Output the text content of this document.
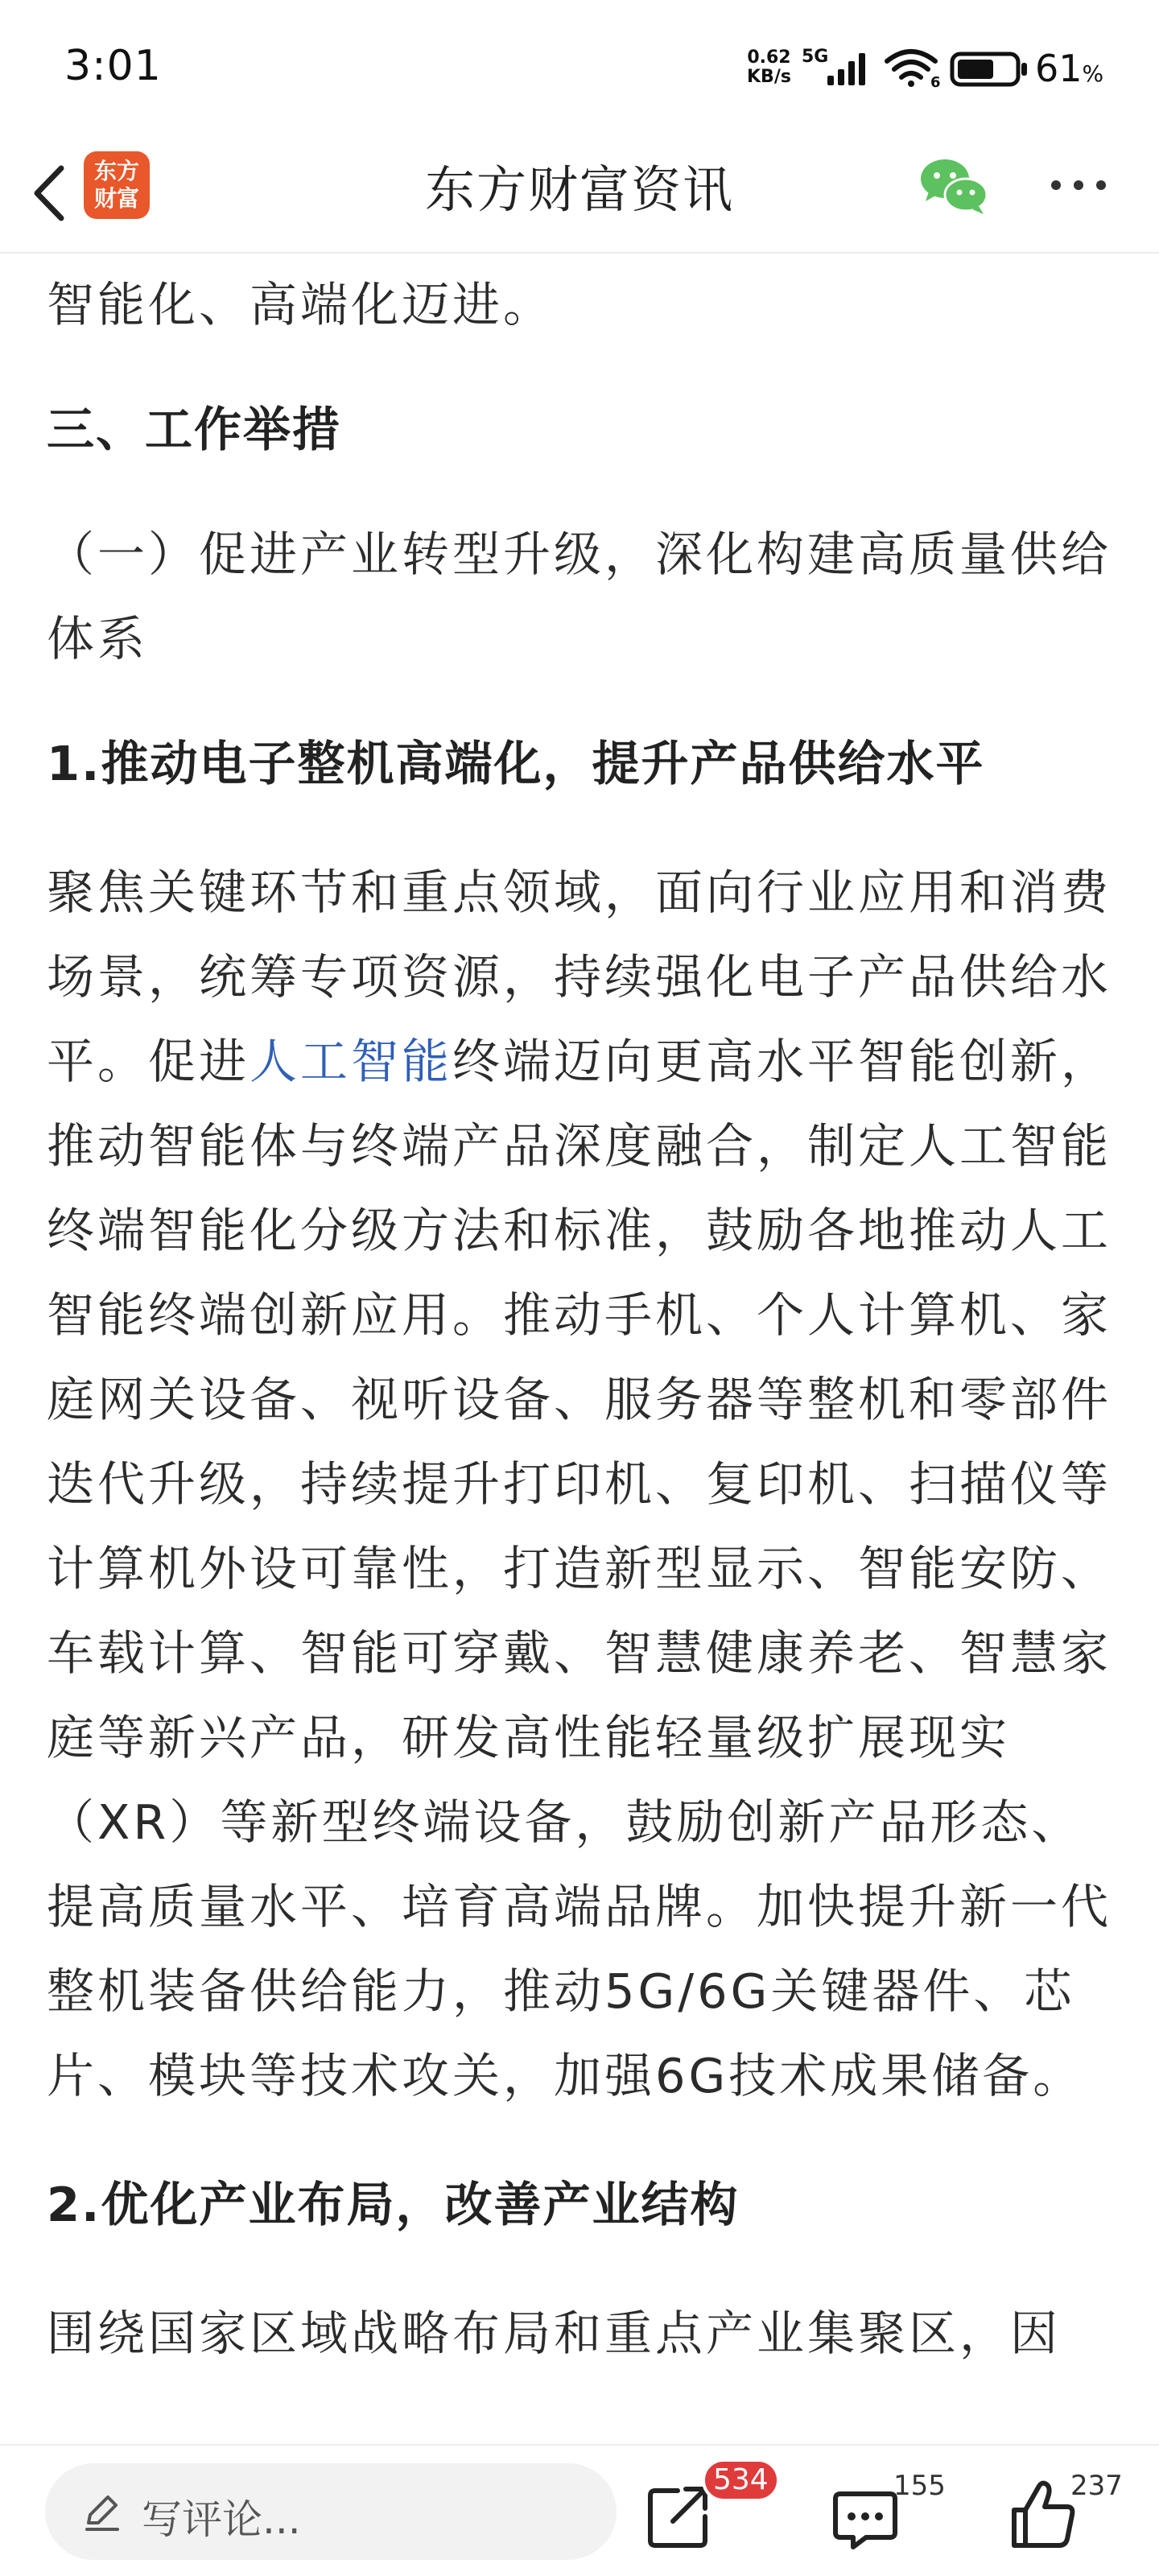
3:01	0.62
KB/s
5G
6	61%
东方
财富	东方财富资讯

智能化、高端化迈进。

三、工作举措

（一）促进产业转型升级，深化构建高质量供给体系

1.推动电子整机高端化，提升产品供给水平

聚焦关键环节和重点领域，面向行业应用和消费场景，统筹专项资源，持续强化电子产品供给水平。促进人工智能终端迈向更高水平智能创新，推动智能体与终端产品深度融合，制定人工智能终端智能化分级方法和标准，鼓励各地推动人工智能终端创新应用。推动手机、个人计算机、家庭网关设备、视听设备、服务器等整机和零部件迭代升级，持续提升打印机、复印机、扫描仪等计算机外设可靠性，打造新型显示、智能安防、车载计算、智能可穿戴、智慧健康养老、智慧家庭等新兴产品，研发高性能轻量级扩展现实（XR）等新型终端设备，鼓励创新产品形态、提高质量水平、培育高端品牌。加快提升新一代整机装备供给能力，推动5G/6G关键器件、芯片、模块等技术攻关，加强6G技术成果储备。

2.优化产业布局，改善产业结构

围绕国家区域战略布局和重点产业集聚区，因

写评论...
534	155	237
